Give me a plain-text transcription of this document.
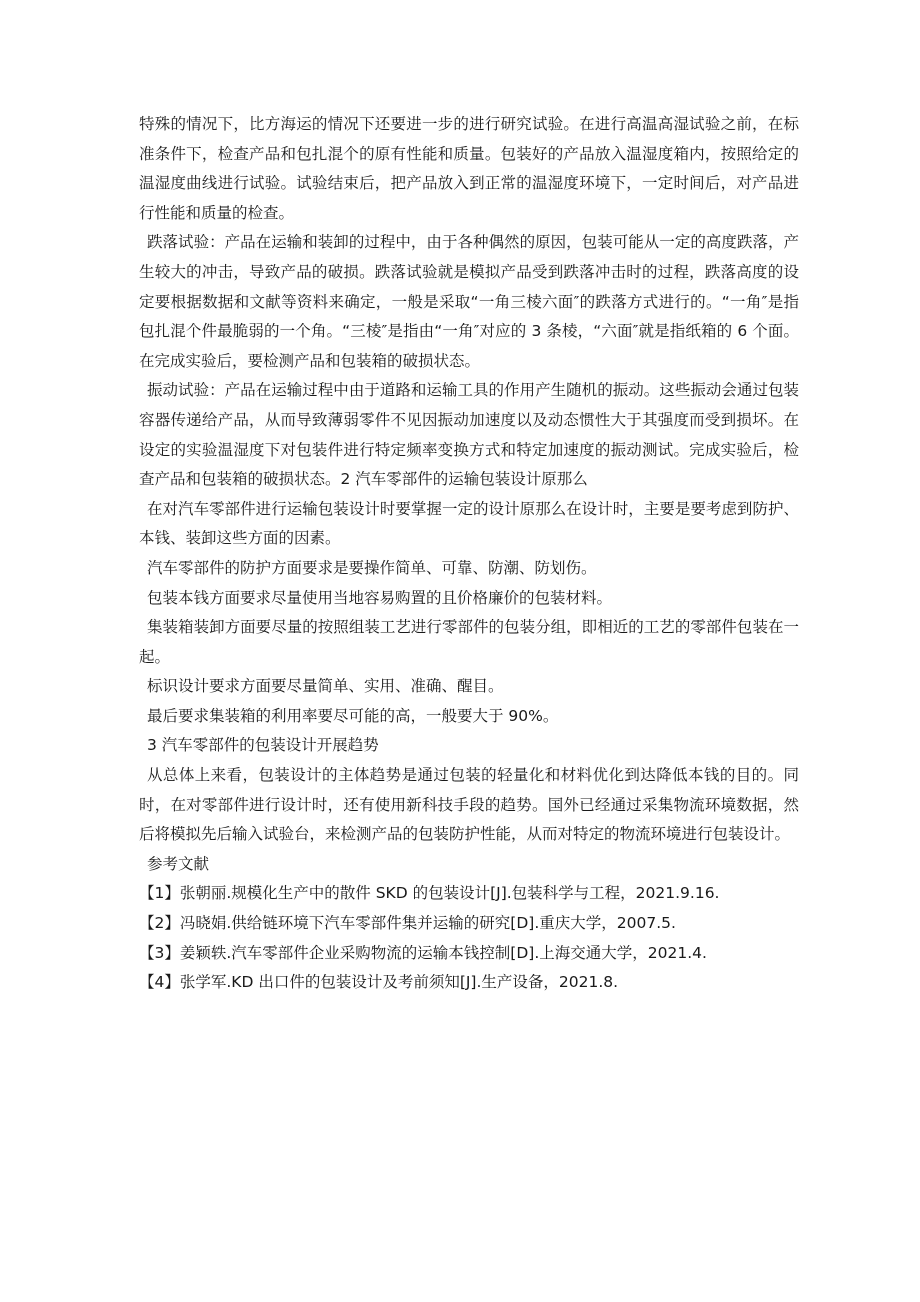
特殊的情况下，比方海运的情况下还要进一步的进行研究试验。在进行高温高湿试验之前，在标准条件下，检查产品和包扎混个的原有性能和质量。包装好的产品放入温湿度箱内，按照给定的温湿度曲线进行试验。试验结束后，把产品放入到正常的温湿度环境下，一定时间后，对产品进行性能和质量的检查。

跌落试验：产品在运输和装卸的过程中，由于各种偶然的原因，包装可能从一定的高度跌落，产生较大的冲击，导致产品的破损。跌落试验就是模拟产品受到跌落冲击时的过程，跌落高度的设定要根据数据和文献等资料来确定，一般是采取“一角三棱六面″的跌落方式进行的。“一角″是指包扎混个件最脆弱的一个角。“三棱″是指由“一角″对应的 3 条棱，“六面″就是指纸箱的 6 个面。在完成实验后，要检测产品和包装箱的破损状态。

振动试验：产品在运输过程中由于道路和运输工具的作用产生随机的振动。这些振动会通过包装容器传递给产品，从而导致薄弱零件不见因振动加速度以及动态惯性大于其强度而受到损坏。在设定的实验温湿度下对包装件进行特定频率变换方式和特定加速度的振动测试。完成实验后，检查产品和包装箱的破损状态。2 汽车零部件的运输包装设计原那么

在对汽车零部件进行运输包装设计时要掌握一定的设计原那么在设计时，主要是要考虑到防护、本钱、装卸这些方面的因素。

汽车零部件的防护方面要求是要操作简单、可靠、防潮、防划伤。

包装本钱方面要求尽量使用当地容易购置的且价格廉价的包装材料。

集装箱装卸方面要尽量的按照组装工艺进行零部件的包装分组，即相近的工艺的零部件包装在一起。

标识设计要求方面要尽量简单、实用、准确、醒目。

最后要求集装箱的利用率要尽可能的高，一般要大于 90%。

3 汽车零部件的包装设计开展趋势

从总体上来看，包装设计的主体趋势是通过包装的轻量化和材料优化到达降低本钱的目的。同时，在对零部件进行设计时，还有使用新科技手段的趋势。国外已经通过采集物流环境数据，然后将模拟先后输入试验台，来检测产品的包装防护性能，从而对特定的物流环境进行包装设计。

参考文献

【1】张朝丽.规模化生产中的散件 SKD 的包装设计[J].包装科学与工程，2021.9.16.

【2】冯晓娟.供给链环境下汽车零部件集并运输的研究[D].重庆大学，2007.5.

【3】姜颖轶.汽车零部件企业采购物流的运输本钱控制[D].上海交通大学，2021.4.

【4】张学军.KD 出口件的包装设计及考前须知[J].生产设备，2021.8.
